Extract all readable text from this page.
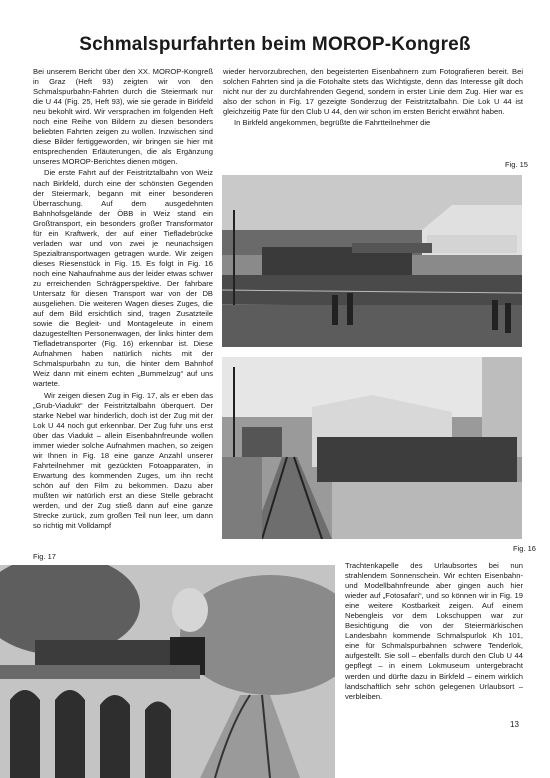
Schmalspurfahrten beim MOROP-Kongreß

Bei unserem Bericht über den XX. MOROP-Kongreß in Graz (Heft 93) zeigten wir von den Schmalspurbahn-Fahrten durch die Steiermark nur die U 44 (Fig. 25, Heft 93), wie sie gerade in Birkfeld neu bekohlt wird. Wir versprachen im folgenden Heft noch eine Reihe von Bildern zu diesen besonders beliebten Fahrten zeigen zu wollen. Inzwischen sind diese Bilder fertiggeworden, wir bringen sie hier mit entsprechenden Erläuterungen, die als Ergänzung unseres MOROP-Berichtes dienen mögen.

Die erste Fahrt auf der Feistritztalbahn von Weiz nach Birkfeld, durch eine der schönsten Gegenden der Steiermark, begann mit einer besonderen Überraschung. Auf dem ausgedehnten Bahnhofsgelände der ÖBB in Weiz stand ein Großtransport, ein besonders großer Transformator für ein Kraftwerk, der auf einer Tiefladebrücke verladen war und von zwei je neunachsigen Spezialtransportwagen getragen wurde. Wir zeigen dieses Riesenstück in Fig. 15. Es folgt in Fig. 16 noch eine Nahaufnahme aus der leider etwas schwer zu erreichenden Schrägperspektive. Der fahrbare Untersatz für diesen Transport war von der DB ausgeliehen. Die weiteren Wagen dieses Zuges, die auf dem Bild ersichtlich sind, tragen Zusatzteile sowie die Begleit- und Montageleute in einem dazugestellten Personenwagen, der links hinter dem Tiefladetransporter (Fig. 16) erkennbar ist. Diese Aufnahmen haben natürlich nichts mit der Schmalspurbahn zu tun, die hinter dem Bahnhof Weiz dann mit einem echten „Bummelzug“ auf uns wartete.

Wir zeigen diesen Zug in Fig. 17, als er eben das „Grub-Viadukt“ der Feistritztalbahn überquert. Der starke Nebel war hinderlich, doch ist der Zug mit der Lok U 44 noch gut erkennbar. Der Zug fuhr uns erst über das Viadukt – allein Eisenbahnfreunde wollen immer wieder solche Aufnahmen machen, so zeigen wir Ihnen in Fig. 18 eine ganze Anzahl unserer Fahrteilnehmer mit gezückten Fotoapparaten, in Erwartung des kommenden Zuges, um ihn recht schön auf den Film zu bekommen. Dazu aber mußten wir natürlich erst an diese Stelle gebracht werden, und der Zug stieß dann auf eine ganze Strecke zurück, zum großen Teil nun leer, um dann so richtig mit Volldampf

wieder hervorzubrechen, den begeisterten Eisenbahnern zum Fotografieren bereit. Bei solchen Fahrten sind ja die Fotohalte stets das Wichtigste, denn das Interesse gilt doch nicht nur der zu durchfahrenden Gegend, sondern in erster Linie dem Zug. Hier war es also der schon in Fig. 17 gezeigte Sonderzug der Feistritztalbahn. Die Lok U 44 ist gleichzeitig Pate für den Club U 44, den wir schon im ersten Bericht erwähnt haben.

In Birkfeld angekommen, begrüßte die Fahrtteilnehmer die

Fig. 15
Fig. 16
Fig. 17

Trachtenkapelle des Urlaubsortes bei nun strahlendem Sonnenschein. Wir echten Eisenbahn- und Modellbahnfreunde aber gingen auch hier wieder auf „Fotosafari“, und so können wir in Fig. 19 eine weitere Kostbarkeit zeigen. Auf einem Nebengleis vor dem Lokschuppen war zur Besichtigung die von der Steiermärkischen Landesbahn kommende Schmalspurlok Kh 101, eine für Schmalspurbahnen schwere Tenderlok, aufgestellt. Sie soll – ebenfalls durch den Club U 44 gepflegt – in einem Lokmuseum untergebracht werden und dürfte dazu in Birkfeld – einem wirklich landschaftlich sehr schön gelegenen Urlaubsort – verbleiben.

13
